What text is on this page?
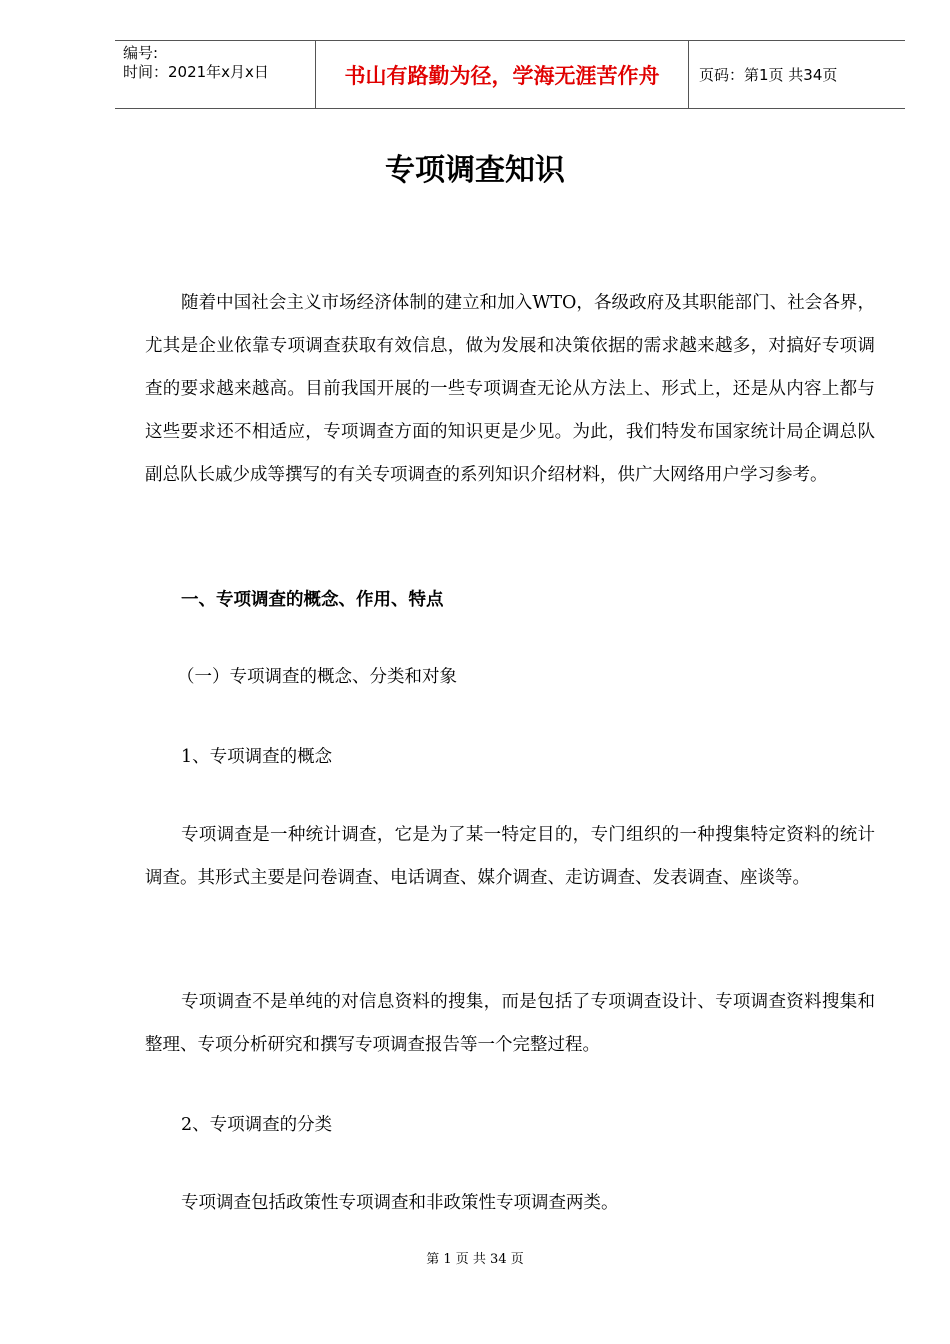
编号:
时间：2021年x月x日	书山有路勤为径，学海无涯苦作舟	页码：第1页 共34页
专项调查知识
随着中国社会主义市场经济体制的建立和加入WTO，各级政府及其职能部门、社会各界，尤其是企业依靠专项调查获取有效信息，做为发展和决策依据的需求越来越多，对搞好专项调查的要求越来越高。目前我国开展的一些专项调查无论从方法上、形式上，还是从内容上都与这些要求还不相适应，专项调查方面的知识更是少见。为此，我们特发布国家统计局企调总队副总队长戚少成等撰写的有关专项调查的系列知识介绍材料，供广大网络用户学习参考。
一、专项调查的概念、作用、特点
（一）专项调查的概念、分类和对象
1、专项调查的概念
专项调查是一种统计调查，它是为了某一特定目的，专门组织的一种搜集特定资料的统计调查。其形式主要是问卷调查、电话调查、媒介调查、走访调查、发表调查、座谈等。
专项调查不是单纯的对信息资料的搜集，而是包括了专项调查设计、专项调查资料搜集和整理、专项分析研究和撰写专项调查报告等一个完整过程。
2、专项调查的分类
专项调查包括政策性专项调查和非政策性专项调查两类。
第 1 页 共 34 页
